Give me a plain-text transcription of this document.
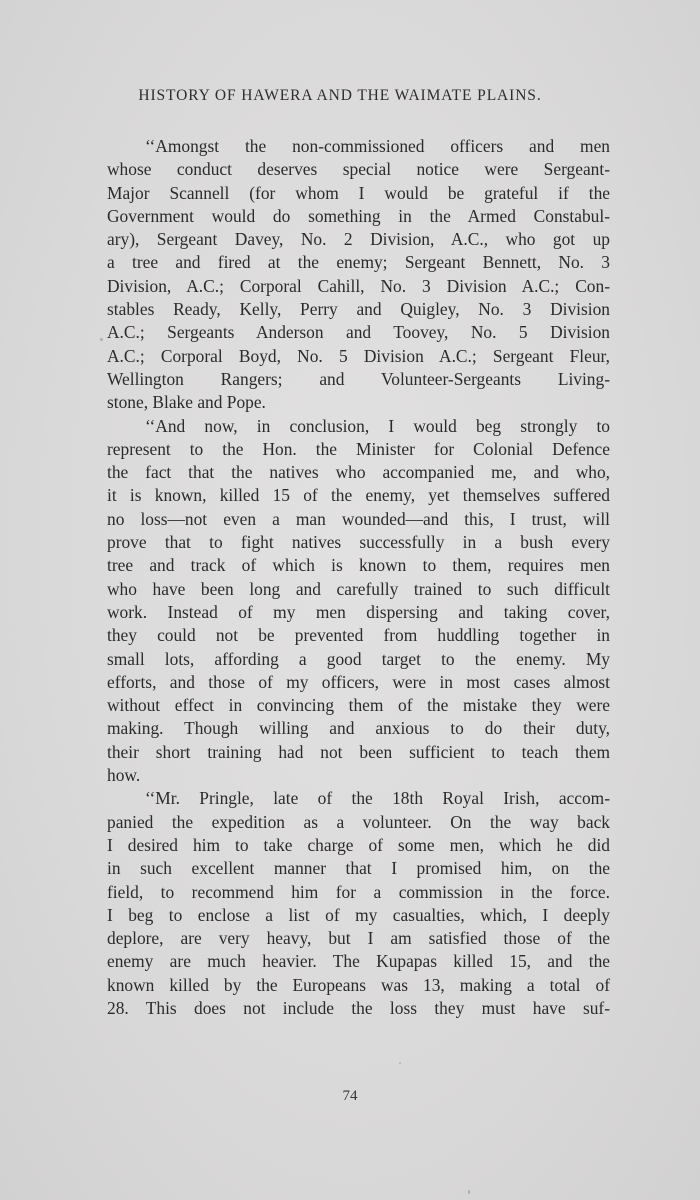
HISTORY OF HAWERA AND THE WAIMATE PLAINS.
‘‘Amongst the non-commissioned officers and men
whose conduct deserves special notice were Sergeant-
Major Scannell (for whom I would be grateful if the
Government would do something in the Armed Constabul-
ary), Sergeant Davey, No. 2 Division, A.C., who got up
a tree and fired at the enemy; Sergeant Bennett, No. 3
Division, A.C.; Corporal Cahill, No. 3 Division A.C.; Con-
stables Ready, Kelly, Perry and Quigley, No. 3 Division
A.C.; Sergeants Anderson and Toovey, No. 5 Division
A.C.; Corporal Boyd, No. 5 Division A.C.; Sergeant Fleur,
Wellington Rangers; and Volunteer-Sergeants Living-
stone, Blake and Pope.
‘‘And now, in conclusion, I would beg strongly to
represent to the Hon. the Minister for Colonial Defence
the fact that the natives who accompanied me, and who,
it is known, killed 15 of the enemy, yet themselves suffered
no loss—not even a man wounded—and this, I trust, will
prove that to fight natives successfully in a bush every
tree and track of which is known to them, requires men
who have been long and carefully trained to such difficult
work. Instead of my men dispersing and taking cover,
they could not be prevented from huddling together in
small lots, affording a good target to the enemy. My
efforts, and those of my officers, were in most cases almost
without effect in convincing them of the mistake they were
making. Though willing and anxious to do their duty,
their short training had not been sufficient to teach them
how.
‘‘Mr. Pringle, late of the 18th Royal Irish, accom-
panied the expedition as a volunteer. On the way back
I desired him to take charge of some men, which he did
in such excellent manner that I promised him, on the
field, to recommend him for a commission in the force.
I beg to enclose a list of my casualties, which, I deeply
deplore, are very heavy, but I am satisfied those of the
enemy are much heavier. The Kupapas killed 15, and the
known killed by the Europeans was 13, making a total of
28. This does not include the loss they must have suf-
74
